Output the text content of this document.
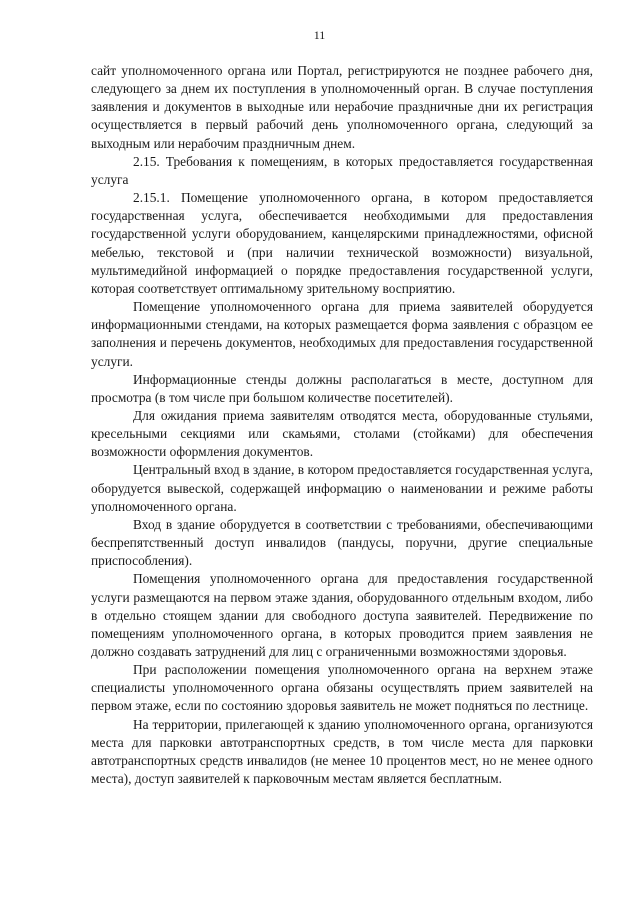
11

сайт уполномоченного органа или Портал, регистрируются не позднее рабочего дня, следующего за днем их поступления в уполномоченный орган. В случае поступления заявления и документов в выходные или нерабочие праздничные дни их регистрация осуществляется в первый рабочий день уполномоченного органа, следующий за выходным или нерабочим праздничным днем.

2.15. Требования к помещениям, в которых предоставляется государственная услуга

2.15.1. Помещение уполномоченного органа, в котором предоставляется государственная услуга, обеспечивается необходимыми для предоставления государственной услуги оборудованием, канцелярскими принадлежностями, офисной мебелью, текстовой и (при наличии технической возможности) визуальной, мультимедийной информацией о порядке предоставления государственной услуги, которая соответствует оптимальному зрительному восприятию.

Помещение уполномоченного органа для приема заявителей оборудуется информационными стендами, на которых размещается форма заявления с образцом ее заполнения и перечень документов, необходимых для предоставления государственной услуги.

Информационные стенды должны располагаться в месте, доступном для просмотра (в том числе при большом количестве посетителей).

Для ожидания приема заявителям отводятся места, оборудованные стульями, кресельными секциями или скамьями, столами (стойками) для обеспечения возможности оформления документов.

Центральный вход в здание, в котором предоставляется государственная услуга, оборудуется вывеской, содержащей информацию о наименовании и режиме работы уполномоченного органа.

Вход в здание оборудуется в соответствии с требованиями, обеспечивающими беспрепятственный доступ инвалидов (пандусы, поручни, другие специальные приспособления).

Помещения уполномоченного органа для предоставления государственной услуги размещаются на первом этаже здания, оборудованного отдельным входом, либо в отдельно стоящем здании для свободного доступа заявителей. Передвижение по помещениям уполномоченного органа, в которых проводится прием заявления не должно создавать затруднений для лиц с ограниченными возможностями здоровья.

При расположении помещения уполномоченного органа на верхнем этаже специалисты уполномоченного органа обязаны осуществлять прием заявителей на первом этаже, если по состоянию здоровья заявитель не может подняться по лестнице.

На территории, прилегающей к зданию уполномоченного органа, организуются места для парковки автотранспортных средств, в том числе места для парковки автотранспортных средств инвалидов (не менее 10 процентов мест, но не менее одного места), доступ заявителей к парковочным местам является бесплатным.
